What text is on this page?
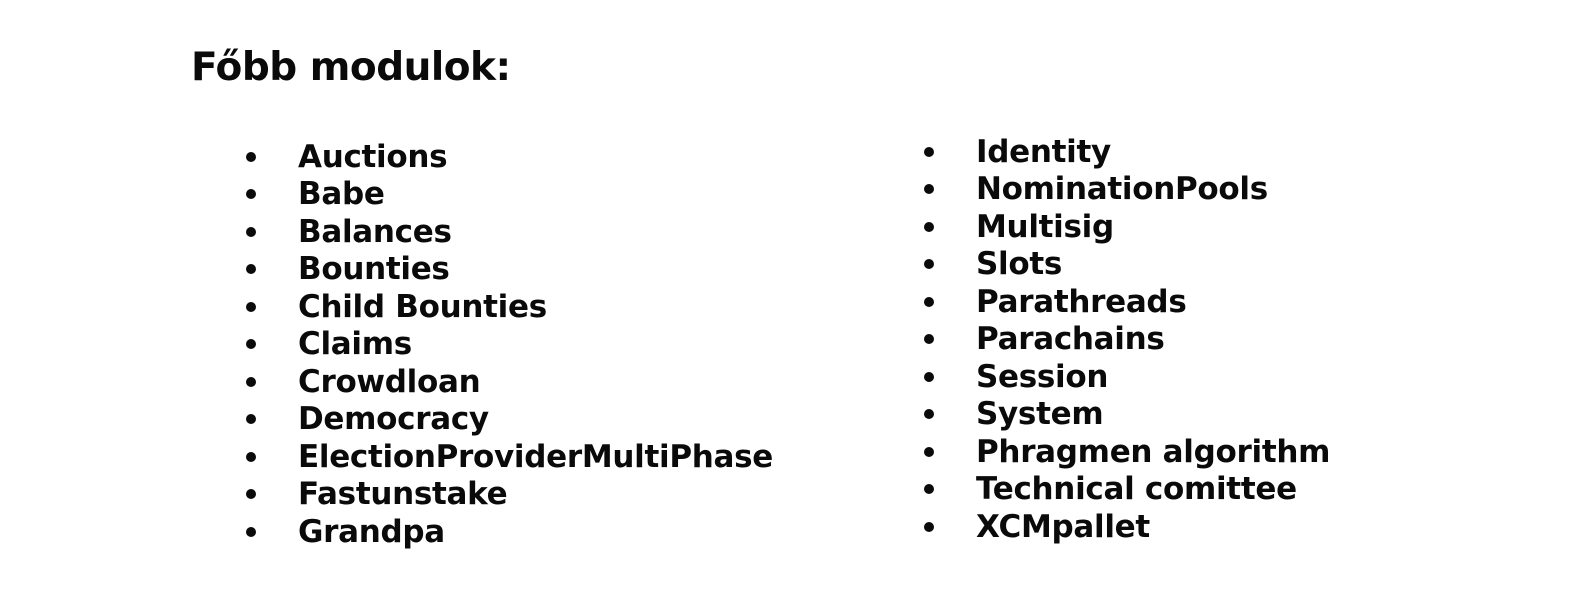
Főbb modulok:
Auctions
Babe
Balances
Bounties
Child Bounties
Claims
Crowdloan
Democracy
ElectionProviderMultiPhase
Fastunstake
Grandpa
Identity
NominationPools
Multisig
Slots
Parathreads
Parachains
Session
System
Phragmen algorithm
Technical comittee
XCMpallet
